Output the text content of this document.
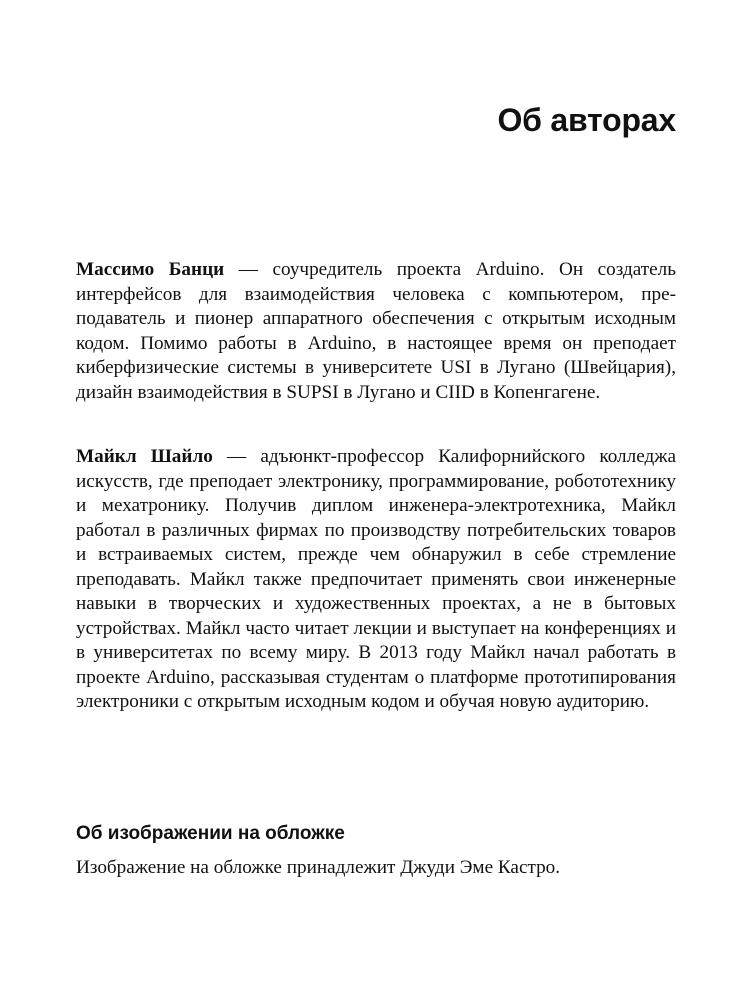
Об авторах

Массимо Банци — соучредитель проекта Arduino. Он создатель интерфейсов для взаимодействия человека с компьютером, преподаватель и пионер аппаратного обеспечения с открытым исходным кодом. Помимо работы в Arduino, в настоящее время он преподает киберфизические системы в университете USI в Лугано (Швейцария), дизайн взаимодействия в SUPSI в Лугано и CIID в Копенгагене.

Майкл Шайло — адъюнкт-профессор Калифорнийского колледжа искусств, где преподает электронику, программирование, робототехнику и мехатронику. Получив диплом инженера-электротехника, Майкл работал в различных фирмах по производству потребительских товаров и встраиваемых систем, прежде чем обнаружил в себе стремление преподавать. Майкл также предпочитает применять свои инженерные навыки в творческих и художественных проектах, а не в бытовых устройствах. Майкл часто читает лекции и выступает на конференциях и в университетах по всему миру. В 2013 году Майкл начал работать в проекте Arduino, рассказывая студентам о платформе прототипирования электроники с открытым исходным кодом и обучая новую аудиторию.

Об изображении на обложке

Изображение на обложке принадлежит Джуди Эме Кастро.
